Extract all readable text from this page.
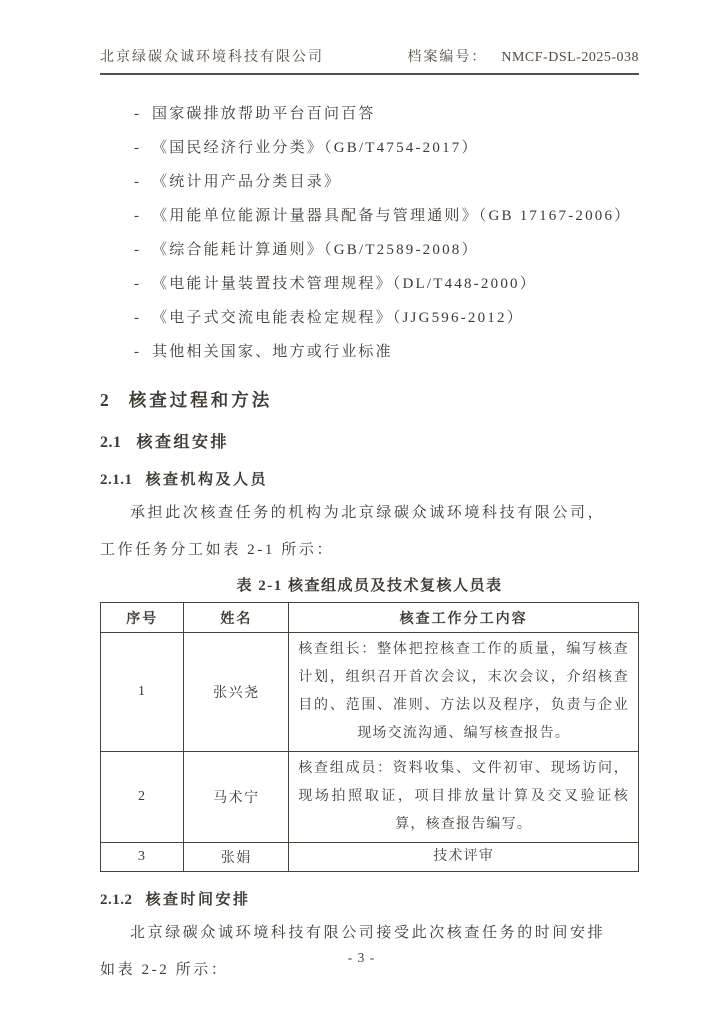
北京绿碳众诚环境科技有限公司	档案编号： NMCF-DSL-2025-038
- 国家碳排放帮助平台百问百答
- 《国民经济行业分类》（GB/T4754-2017）
- 《统计用产品分类目录》
- 《用能单位能源计量器具配备与管理通则》（GB 17167-2006）
- 《综合能耗计算通则》（GB/T2589-2008）
- 《电能计量装置技术管理规程》（DL/T448-2000）
- 《电子式交流电能表检定规程》（JJG596-2012）
- 其他相关国家、地方或行业标准
2 核查过程和方法
2.1 核查组安排
2.1.1 核查机构及人员
承担此次核查任务的机构为北京绿碳众诚环境科技有限公司，
工作任务分工如表 2-1 所示：
表 2-1 核查组成员及技术复核人员表
序号	姓名	核查工作分工内容
1	张兴尧	核查组长：整体把控核查工作的质量，编写核查计划，组织召开首次会议，末次会议，介绍核查目的、范围、准则、方法以及程序，负责与企业现场交流沟通、编写核查报告。
2	马术宁	核查组成员：资料收集、文件初审、现场访问，现场拍照取证，项目排放量计算及交叉验证核算，核查报告编写。
3	张娟	技术评审
2.1.2 核查时间安排
北京绿碳众诚环境科技有限公司接受此次核查任务的时间安排
如表 2-2 所示：
- 3 -
